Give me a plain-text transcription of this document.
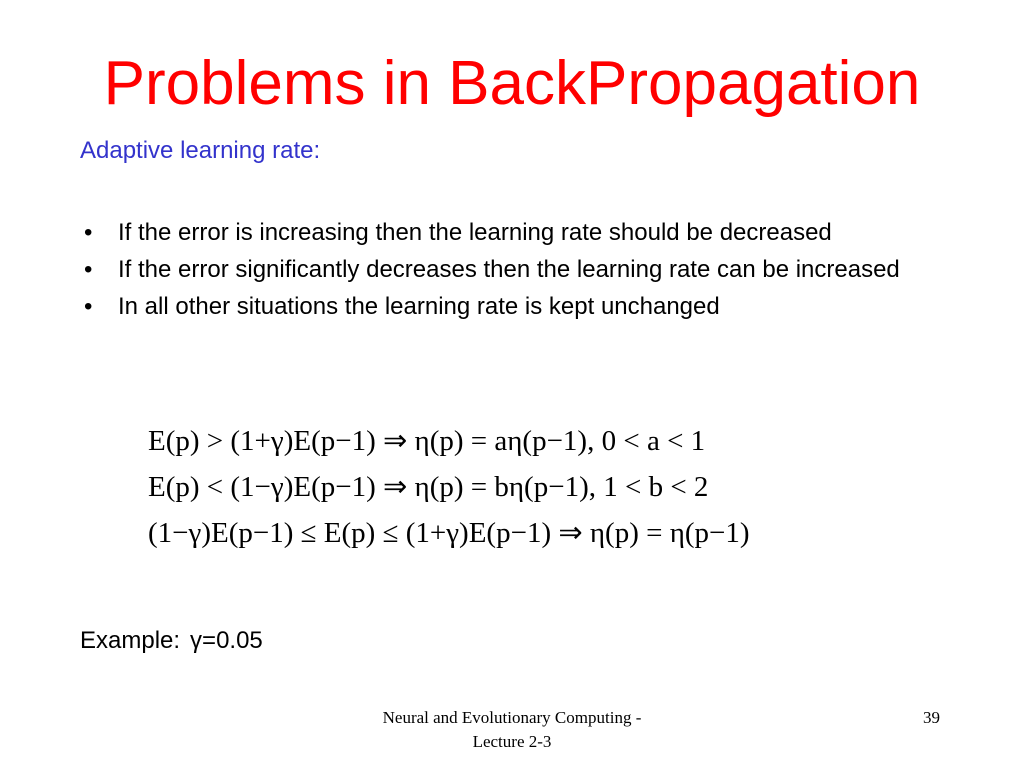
Problems in BackPropagation
Adaptive learning rate:
• If the error is increasing then the learning rate should be decreased
• If the error significantly decreases then the learning rate can be increased
• In all other situations the learning rate is kept unchanged
E(p) > (1+γ)E(p−1) ⇒ η(p) = aη(p−1), 0 < a < 1
E(p) < (1−γ)E(p−1) ⇒ η(p) = bη(p−1), 1 < b < 2
(1−γ)E(p−1) ≤ E(p) ≤ (1+γ)E(p−1) ⇒ η(p) = η(p−1)
Example: γ=0.05
Neural and Evolutionary Computing -
Lecture 2-3
39
